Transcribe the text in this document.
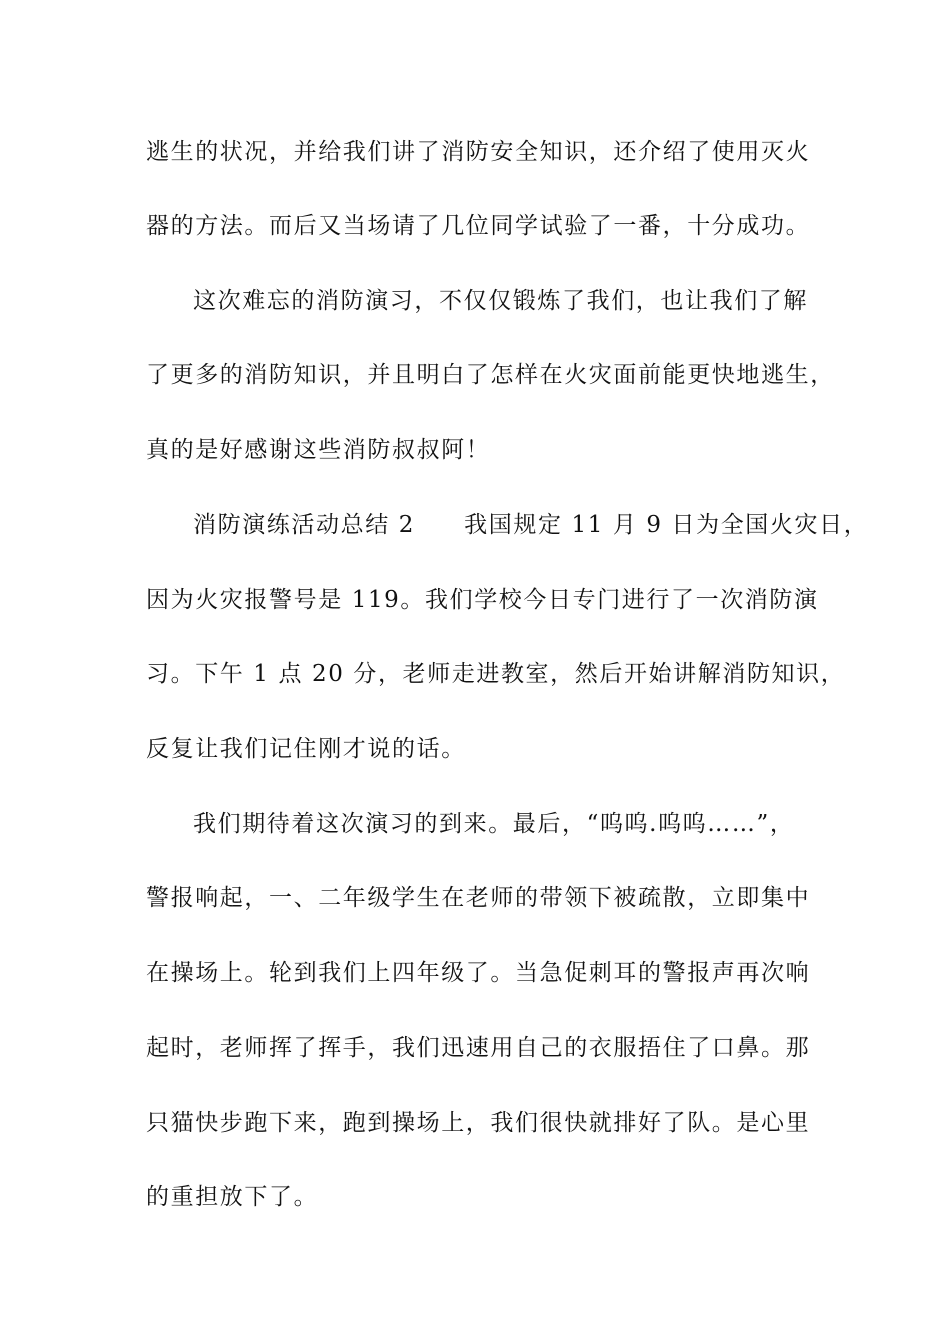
逃生的状况，并给我们讲了消防安全知识，还介绍了使用灭火
器的方法。而后又当场请了几位同学试验了一番，十分成功。
这次难忘的消防演习，不仅仅锻炼了我们，也让我们了解
了更多的消防知识，并且明白了怎样在火灾面前能更快地逃生，
真的是好感谢这些消防叔叔阿！
消防演练活动总结 2　　我国规定 11 月 9 日为全国火灾日，
因为火灾报警号是 119。我们学校今日专门进行了一次消防演
习。下午 1 点 20 分，老师走进教室，然后开始讲解消防知识，
反复让我们记住刚才说的话。
我们期待着这次演习的到来。最后，“呜呜.呜呜……”，
警报响起，一、二年级学生在老师的带领下被疏散，立即集中
在操场上。轮到我们上四年级了。当急促刺耳的警报声再次响
起时，老师挥了挥手，我们迅速用自己的衣服捂住了口鼻。那
只猫快步跑下来，跑到操场上，我们很快就排好了队。是心里
的重担放下了。
